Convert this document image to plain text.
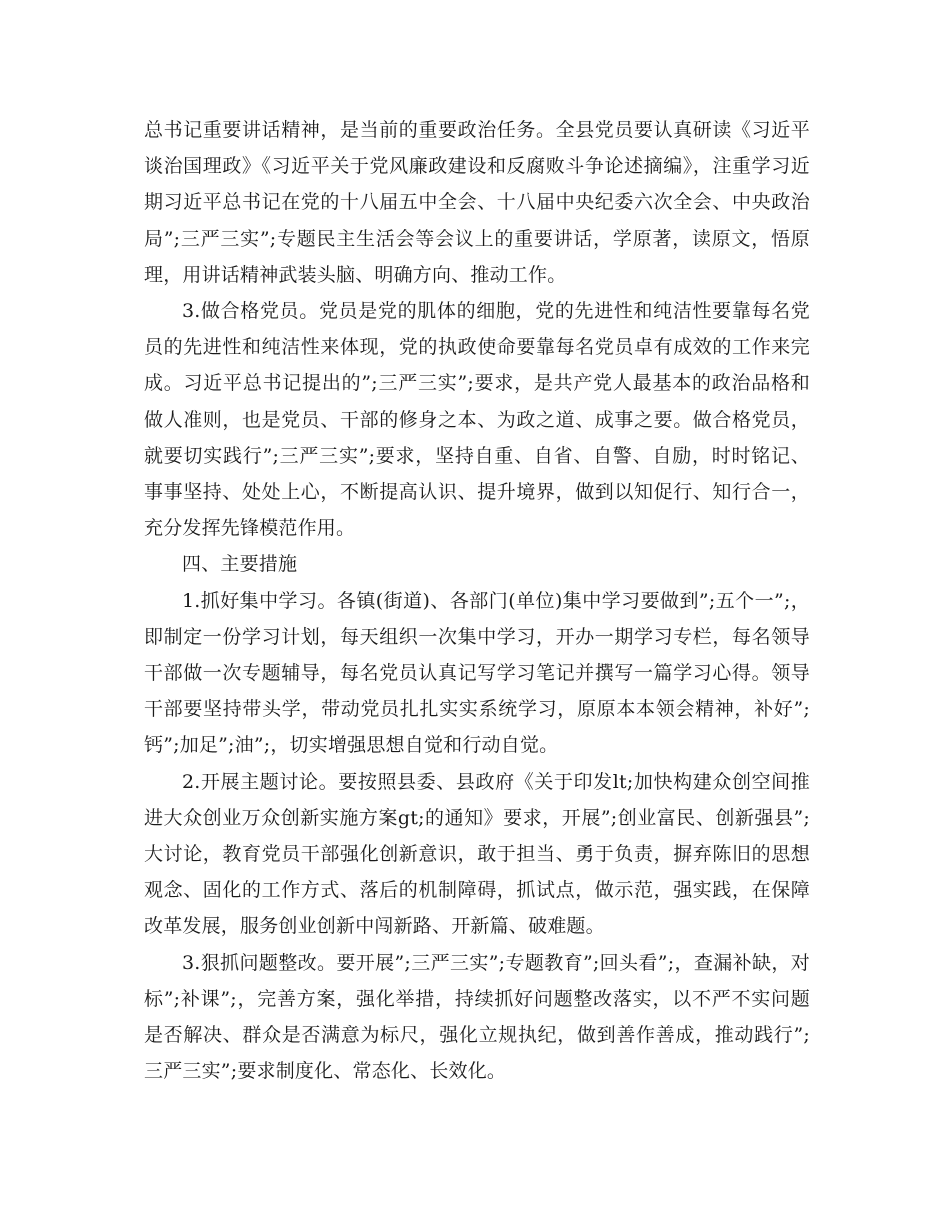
总书记重要讲话精神，是当前的重要政治任务。全县党员要认真研读《习近平谈治国理政》《习近平关于党风廉政建设和反腐败斗争论述摘编》，注重学习近期习近平总书记在党的十八届五中全会、十八届中央纪委六次全会、中央政治局”;三严三实”;专题民主生活会等会议上的重要讲话，学原著，读原文，悟原理，用讲话精神武装头脑、明确方向、推动工作。

3.做合格党员。党员是党的肌体的细胞，党的先进性和纯洁性要靠每名党员的先进性和纯洁性来体现，党的执政使命要靠每名党员卓有成效的工作来完成。习近平总书记提出的”;三严三实”;要求，是共产党人最基本的政治品格和做人准则，也是党员、干部的修身之本、为政之道、成事之要。做合格党员，就要切实践行”;三严三实”;要求，坚持自重、自省、自警、自励，时时铭记、事事坚持、处处上心，不断提高认识、提升境界，做到以知促行、知行合一，充分发挥先锋模范作用。

四、主要措施

1.抓好集中学习。各镇(街道)、各部门(单位)集中学习要做到”;五个一”;，即制定一份学习计划，每天组织一次集中学习，开办一期学习专栏，每名领导干部做一次专题辅导，每名党员认真记写学习笔记并撰写一篇学习心得。领导干部要坚持带头学，带动党员扎扎实实系统学习，原原本本领会精神，补好”;钙”;加足”;油”;，切实增强思想自觉和行动自觉。

2.开展主题讨论。要按照县委、县政府《关于印发lt;加快构建众创空间推进大众创业万众创新实施方案gt;的通知》要求，开展”;创业富民、创新强县”;大讨论，教育党员干部强化创新意识，敢于担当、勇于负责，摒弃陈旧的思想观念、固化的工作方式、落后的机制障碍，抓试点，做示范，强实践，在保障改革发展，服务创业创新中闯新路、开新篇、破难题。

3.狠抓问题整改。要开展”;三严三实”;专题教育”;回头看”;，查漏补缺，对标”;补课”;，完善方案，强化举措，持续抓好问题整改落实，以不严不实问题是否解决、群众是否满意为标尺，强化立规执纪，做到善作善成，推动践行”;三严三实”;要求制度化、常态化、长效化。
